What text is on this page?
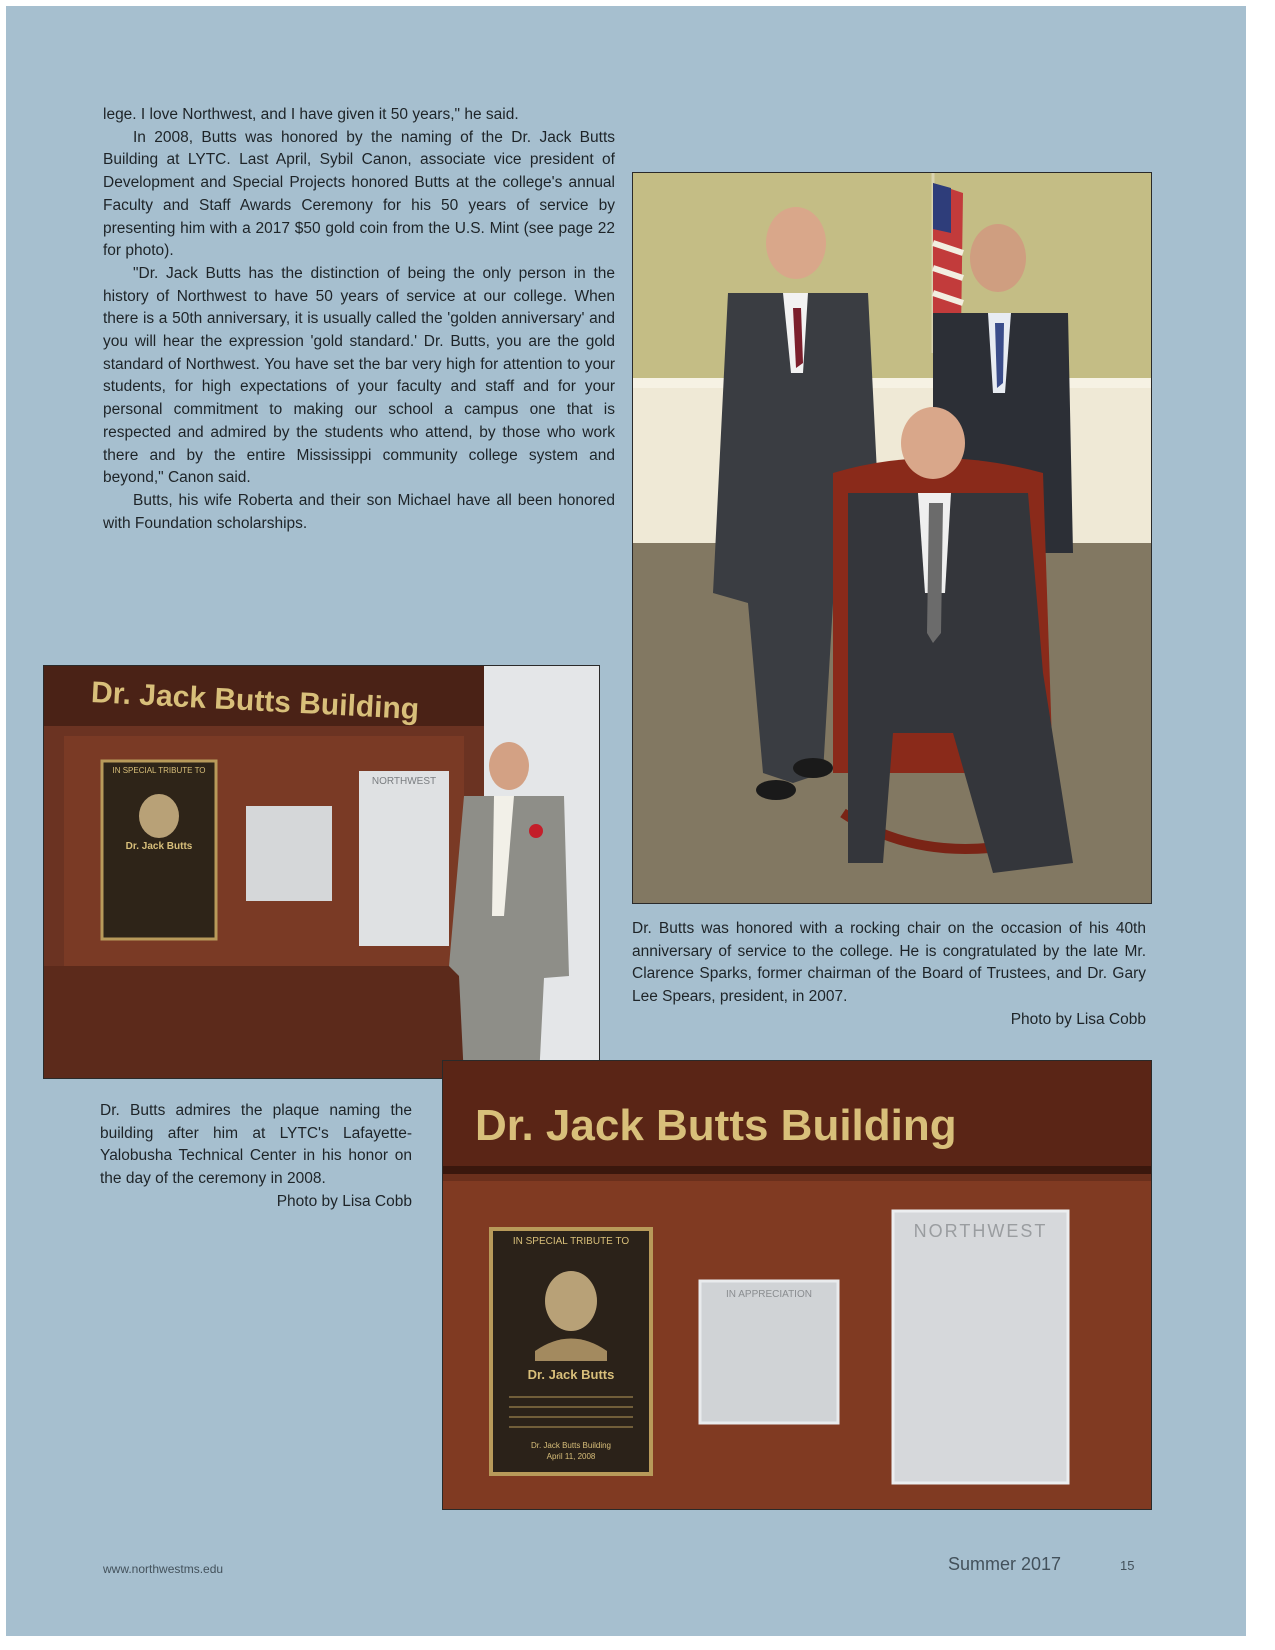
lege. I love Northwest, and I have given it 50 years," he said.

In 2008, Butts was honored by the naming of the Dr. Jack Butts Building at LYTC. Last April, Sybil Canon, associate vice president of Development and Special Projects honored Butts at the college's annual Faculty and Staff Awards Ceremony for his 50 years of service by presenting him with a 2017 $50 gold coin from the U.S. Mint (see page 22 for photo).

"Dr. Jack Butts has the distinction of being the only person in the history of Northwest to have 50 years of service at our college. When there is a 50th anniversary, it is usually called the 'golden anniversary' and you will hear the expression 'gold standard.' Dr. Butts, you are the gold standard of Northwest. You have set the bar very high for attention to your students, for high expectations of your faculty and staff and for your personal commitment to making our school a campus one that is respected and admired by the students who attend, by those who work there and by the entire Mississippi community college system and beyond," Canon said.

Butts, his wife Roberta and their son Michael have all been honored with Foundation scholarships.

Dr. Butts was honored with a rocking chair on the occasion of his 40th anniversary of service to the college. He is congratulated by the late Mr. Clarence Sparks, former chairman of the Board of Trustees, and Dr. Gary Lee Spears, president, in 2007.
Photo by Lisa Cobb
Dr. Jack Butts Building
IN SPECIAL TRIBUTE TO
Dr. Jack Butts
NORTHWEST
Dr. Butts admires the plaque naming the building after him at LYTC's Lafayette-Yalobusha Technical Center in his honor on the day of the ceremony in 2008.
Photo by Lisa Cobb
Dr. Jack Butts Building
IN SPECIAL TRIBUTE TO
Dr. Jack Butts
Dr. Jack Butts Building
April 11, 2008
IN APPRECIATION
NORTHWEST
www.northwestms.edu	Summer 2017	15
